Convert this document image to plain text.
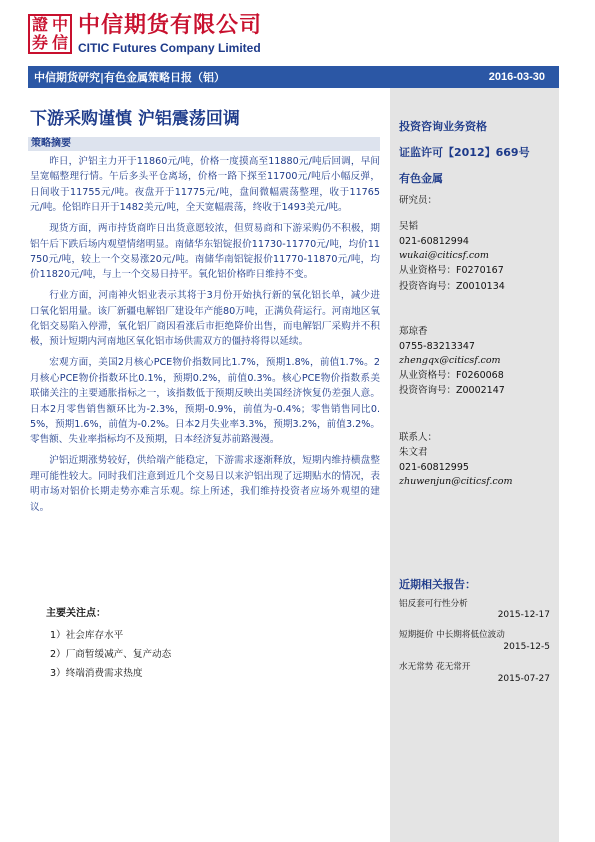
證 中
券 信
中信期货有限公司
CITIC Futures Company Limited
中信期货研究|有色金属策略日报（铝）	2016-03-30
下游采购谨慎 沪铝震荡回调
策略摘要

昨日，沪铝主力开于11860元/吨，价格一度摸高至11880元/吨后回调，早间呈宽幅整理行情。午后多头平仓离场，价格一路下探至11700元/吨后小幅反弹，日间收于11755元/吨。夜盘开于11775元/吨，盘间微幅震荡整理，收于11765元/吨。伦铝昨日开于1482美元/吨，全天宽幅震荡，终收于1493美元/吨。

现货方面，两市持货商昨日出货意愿较浓，但贸易商和下游采购仍不积极，期铝午后下跌后场内观望情绪明显。南储华东铝锭报价11730-11770元/吨，均价11750元/吨，较上一个交易涨20元/吨。南储华南铝锭报价11770-11870元/吨，均价11820元/吨，与上一个交易日持平。氧化铝价格昨日维持不变。

行业方面，河南神火铝业表示其将于3月份开始执行新的氧化铝长单，减少进口氧化铝用量。该厂新疆电解铝厂建设年产能80万吨，正满负荷运行。河南地区氧化铝交易陷入停滞，氧化铝厂商因看涨后市拒绝降价出售，而电解铝厂采购并不积极，预计短期内河南地区氧化铝市场供需双方的僵持将得以延续。

宏观方面，美国2月核心PCE物价指数同比1.7%，预期1.8%，前值1.7%。2月核心PCE物价指数环比0.1%，预期0.2%，前值0.3%。核心PCE物价指数系美联储关注的主要通胀指标之一，该指数低于预期反映出美国经济恢复仍差强人意。日本2月零售销售额环比为-2.3%，预期-0.9%，前值为-0.4%；零售销售同比0.5%，预期1.6%，前值为-0.2%。日本2月失业率3.3%，预期3.2%，前值3.2%。零售额、失业率指标均不及预期，日本经济复苏前路漫漫。

沪铝近期涨势较好，供给端产能稳定，下游需求逐渐释放，短期内维持横盘整理可能性较大。同时我们注意到近几个交易日以来沪铝出现了远期贴水的情况，表明市场对铝价长期走势亦难言乐观。综上所述，我们维持投资者应场外观望的建议。

主要关注点：
1）社会库存水平
2）厂商暂缓减产、复产动态
3）终端消费需求热度
投资咨询业务资格
证监许可【2012】669号
有色金属
研究员：
吴韬
021-60812994
wukai@citicsf.com
从业资格号：F0270167
投资咨询号：Z0010134
郑琼香
0755-83213347
zhengqx@citicsf.com
从业资格号：F0260068
投资咨询号：Z0002147
联系人：
朱文君
021-60812995
zhuwenjun@citicsf.com
近期相关报告：
铝反套可行性分析
2015-12-17
短期挺价 中长期将低位波动
2015-12-5
水无常势 花无常开
2015-07-27
